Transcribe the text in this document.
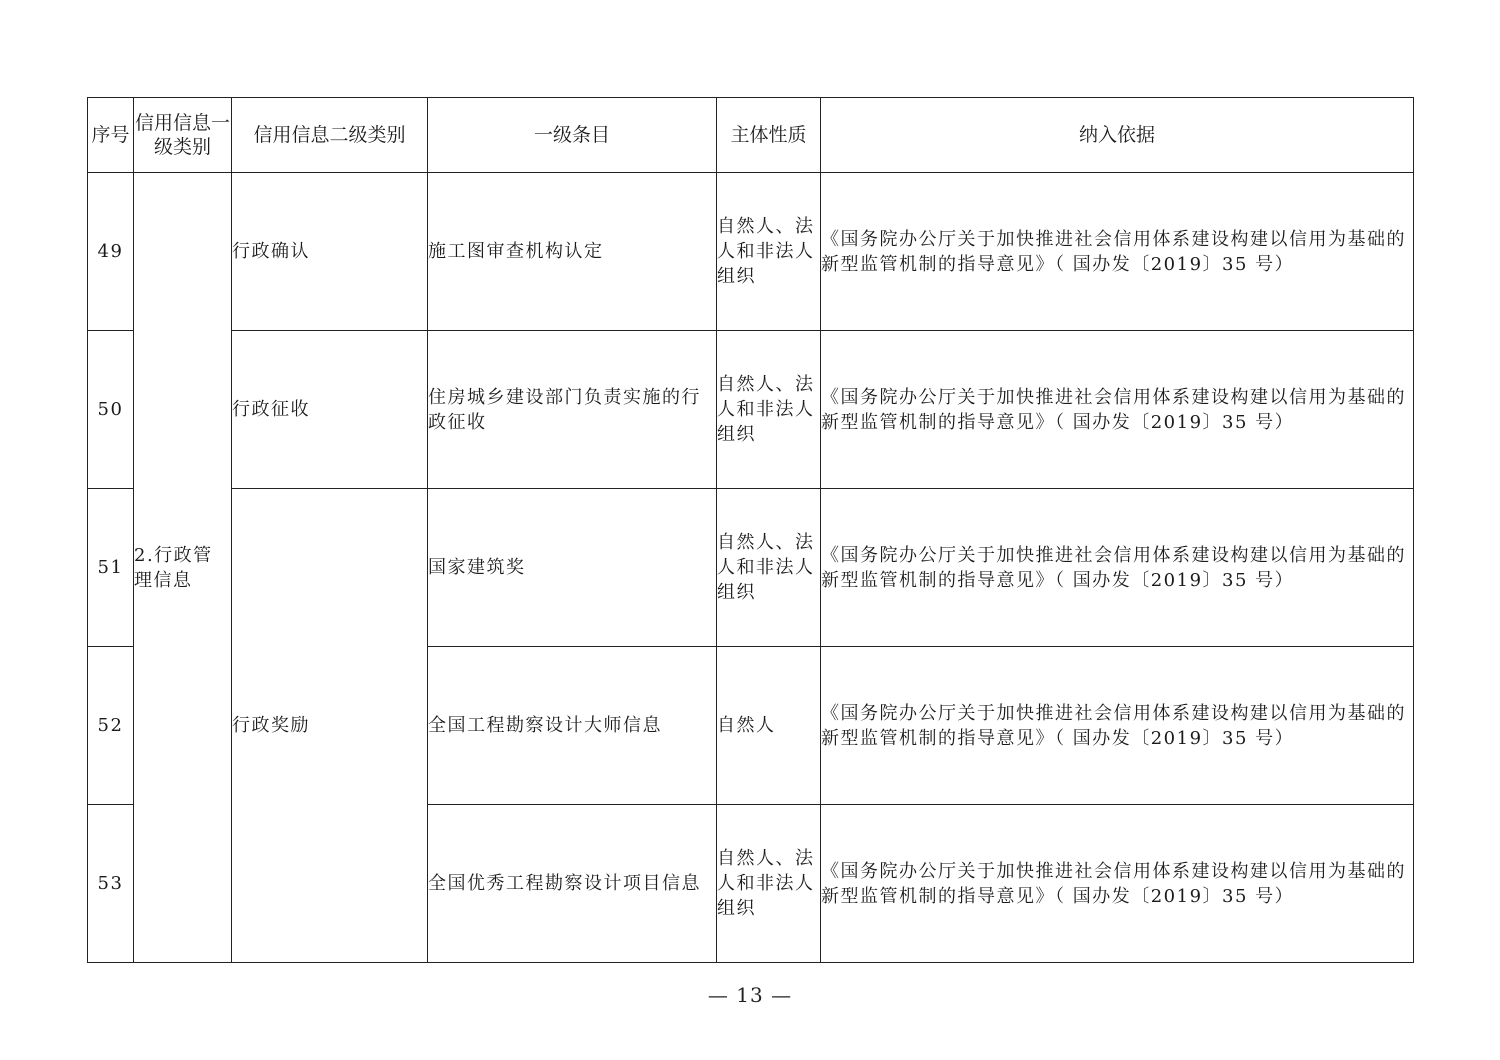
序号	信用信息一级类别	信用信息二级类别	一级条目	主体性质	纳入依据
49	2.行政管理信息	行政确认	施工图审查机构认定	自然人、法人和非法人组织	《国务院办公厅关于加快推进社会信用体系建设构建以信用为基础的新型监管机制的指导意见》（ 国办发〔2019〕35 号）
50		行政征收	住房城乡建设部门负责实施的行政征收	自然人、法人和非法人组织	《国务院办公厅关于加快推进社会信用体系建设构建以信用为基础的新型监管机制的指导意见》（ 国办发〔2019〕35 号）
51		行政奖励	国家建筑奖	自然人、法人和非法人组织	《国务院办公厅关于加快推进社会信用体系建设构建以信用为基础的新型监管机制的指导意见》（ 国办发〔2019〕35 号）
52			全国工程勘察设计大师信息	自然人	《国务院办公厅关于加快推进社会信用体系建设构建以信用为基础的新型监管机制的指导意见》（ 国办发〔2019〕35 号）
53			全国优秀工程勘察设计项目信息	自然人、法人和非法人组织	《国务院办公厅关于加快推进社会信用体系建设构建以信用为基础的新型监管机制的指导意见》（ 国办发〔2019〕35 号）
— 13 —
